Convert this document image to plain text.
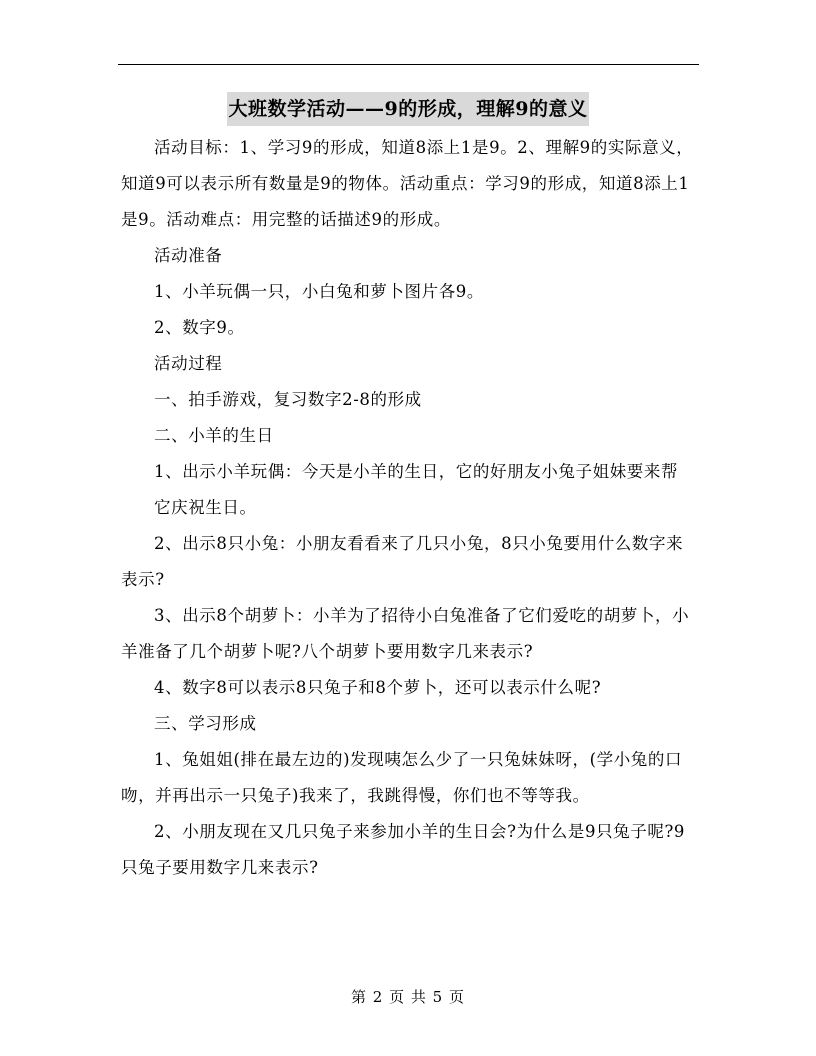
大班数学活动——9的形成，理解9的意义

活动目标：1、学习9的形成，知道8添上1是9。2、理解9的实际意义，知道9可以表示所有数量是9的物体。活动重点：学习9的形成，知道8添上1是9。活动难点：用完整的话描述9的形成。

活动准备

1、小羊玩偶一只，小白兔和萝卜图片各9。

2、数字9。

活动过程

一、拍手游戏，复习数字2-8的形成

二、小羊的生日

1、出示小羊玩偶：今天是小羊的生日，它的好朋友小兔子姐妹要来帮

它庆祝生日。

2、出示8只小兔：小朋友看看来了几只小兔，8只小兔要用什么数字来表示?

3、出示8个胡萝卜：小羊为了招待小白兔准备了它们爱吃的胡萝卜，小羊准备了几个胡萝卜呢?八个胡萝卜要用数字几来表示?

4、数字8可以表示8只兔子和8个萝卜，还可以表示什么呢?

三、学习形成

1、兔姐姐(排在最左边的)发现咦怎么少了一只兔妹妹呀，(学小兔的口吻，并再出示一只兔子)我来了，我跳得慢，你们也不等等我。

2、小朋友现在又几只兔子来参加小羊的生日会?为什么是9只兔子呢?9只兔子要用数字几来表示?

第 2 页 共 5 页
